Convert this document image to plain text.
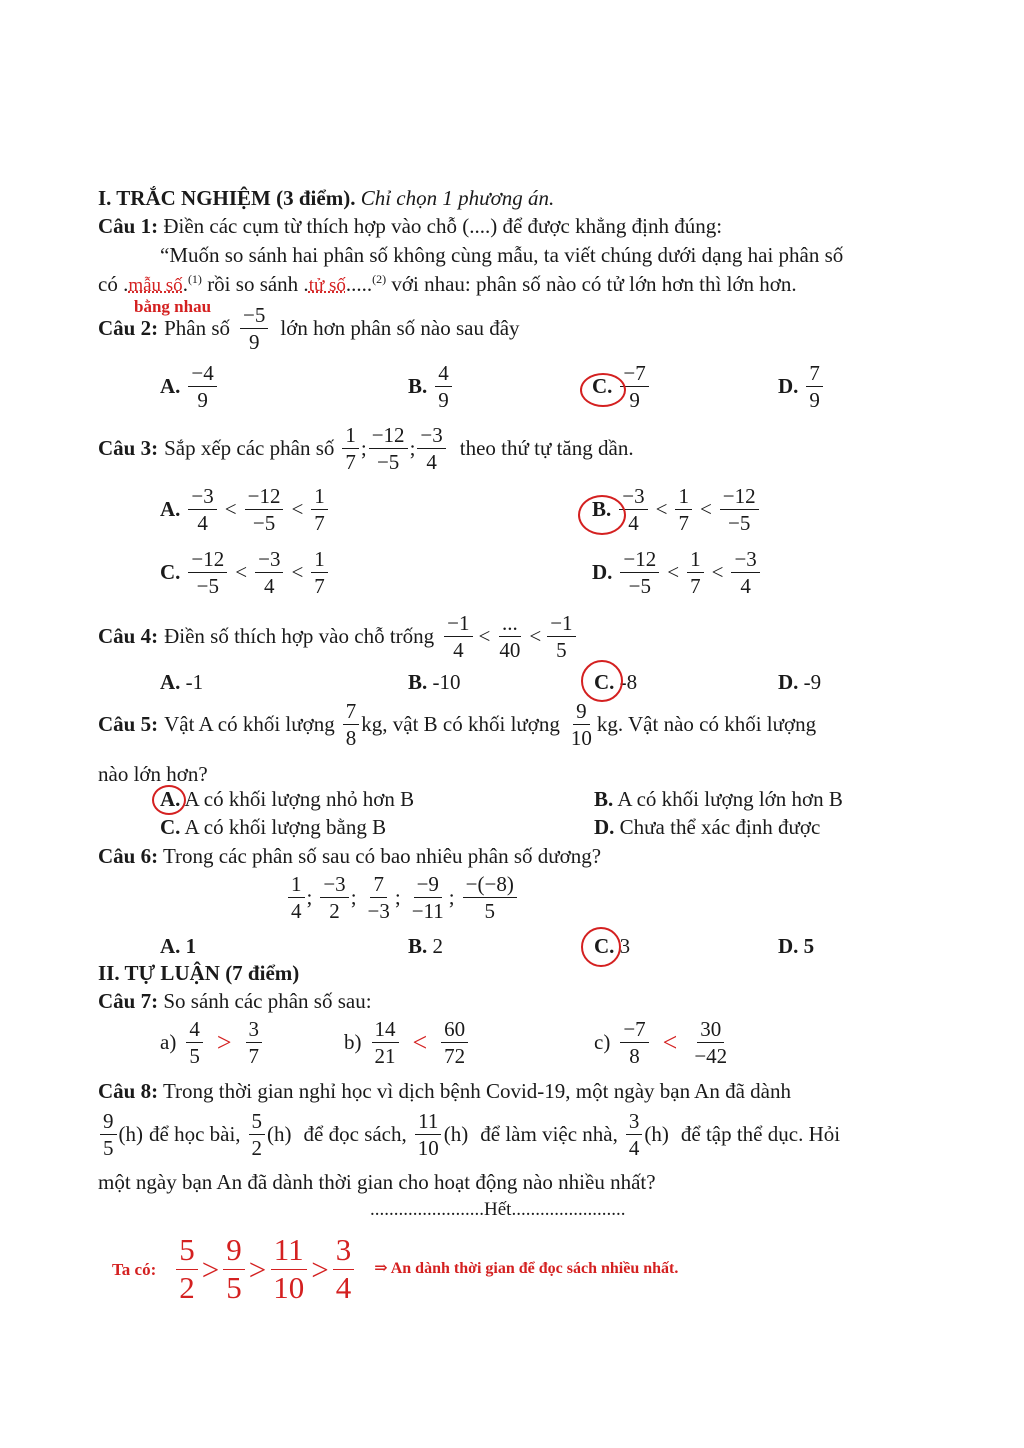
I. TRẮC NGHIỆM (3 điểm). Chỉ chọn 1 phương án.
Câu 1: Điền các cụm từ thích hợp vào chỗ (....) để được khẳng định đúng:
“Muốn so sánh hai phân số không cùng mẫu, ta viết chúng dưới dạng hai phân số
có .mẫu số.$^{(1)}$ rồi so sánh .tử số.....$^{(2)}$ với nhau: phân số nào có tử lớn hơn thì lớn hơn.
bằng nhau
Câu 2: Phân số $\frac{-5}{9}$ lớn hơn phân số nào sau đây
A. $\frac{-4}{9}$	B. $\frac{4}{9}$	C. $\frac{-7}{9}$	D. $\frac{7}{9}$
Câu 3: Sắp xếp các phân số $\frac{1}{7}$ ; $\frac{-12}{-5}$ ; $\frac{-3}{4}$ theo thứ tự tăng dần.
A. $\frac{-3}{4} < \frac{-12}{-5} < \frac{1}{7}$	B. $\frac{-3}{4} < \frac{1}{7} < \frac{-12}{-5}$
C. $\frac{-12}{-5} < \frac{-3}{4} < \frac{1}{7}$	D. $\frac{-12}{-5} < \frac{1}{7} < \frac{-3}{4}$
Câu 4: Điền số thích hợp vào chỗ trống $\frac{-1}{4} < \frac{...}{40} < \frac{-1}{5}$
A. -1	B. -10	C. -8	D. -9
Câu 5: Vật A có khối lượng $\frac{7}{8}$ kg , vật B có khối lượng $\frac{9}{10}$ kg . Vật nào có khối lượng
nào lớn hơn?
A. A có khối lượng nhỏ hơn B	B. A có khối lượng lớn hơn B
C. A có khối lượng bằng B	D. Chưa thể xác định được
Câu 6: Trong các phân số sau có bao nhiêu phân số dương?
$\frac{1}{4}$ ; $\frac{-3}{2}$ ; $\frac{7}{-3}$ ; $\frac{-9}{-11}$ ; $\frac{-(-8)}{5}$
A. 1	B. 2	C. 3	D. 5
II. TỰ LUẬN (7 điểm)
Câu 7: So sánh các phân số sau:
$a) \frac{4}{5} > \frac{3}{7}$	$b) \frac{14}{21} < \frac{60}{72}$	$c) \frac{-7}{8} < \frac{30}{-42}$
Câu 8: Trong thời gian nghỉ học vì dịch bệnh Covid-19, một ngày bạn An đã dành
$\frac{9}{5} (h)$ để học bài, $\frac{5}{2} (h)$ để đọc sách, $\frac{11}{10} (h)$ để làm việc nhà, $\frac{3}{4} (h)$ để tập thể dục. Hỏi
một ngày bạn An đã dành thời gian cho hoạt động nào nhiều nhất?
........................Hết........................
Ta có: $\frac{5}{2} > \frac{9}{5} > \frac{11}{10} > \frac{3}{4}$ ⇒ An dành thời gian để đọc sách nhiều nhất.
